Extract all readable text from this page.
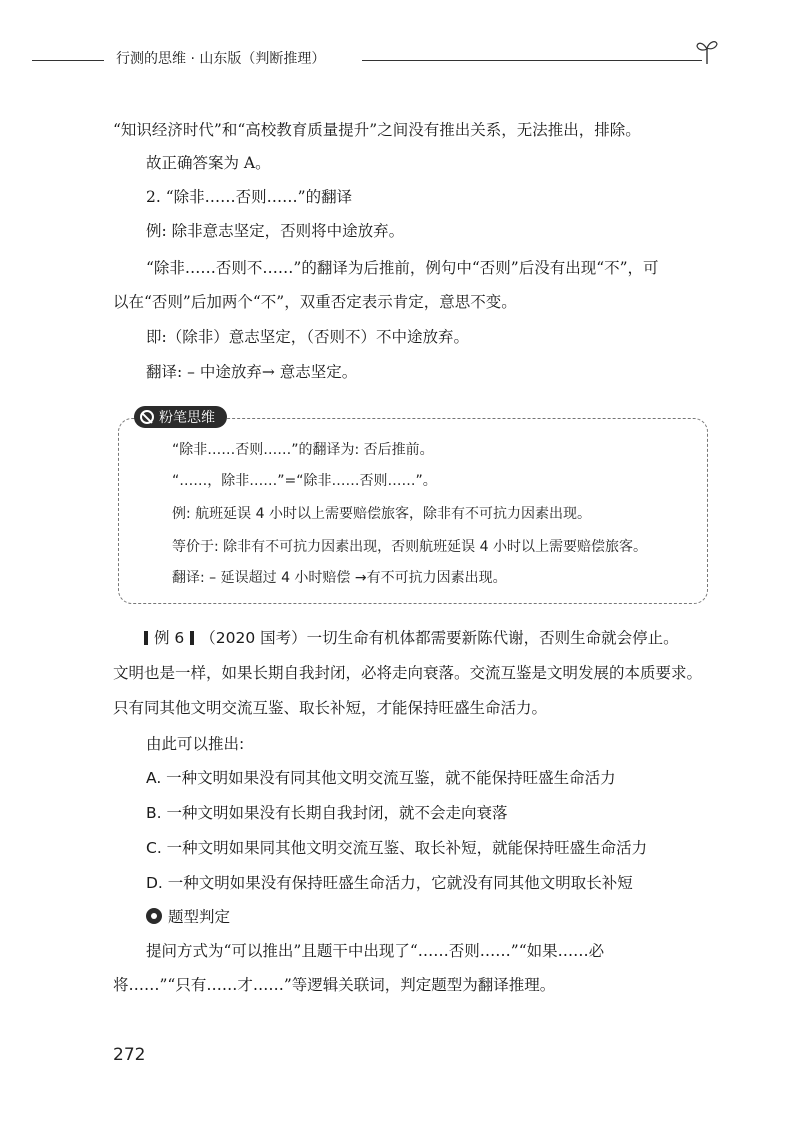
行测的思维 · 山东版（判断推理）
“知识经济时代”和“高校教育质量提升”之间没有推出关系，无法推出，排除。
故正确答案为 A。
2. “除非……否则……”的翻译
例: 除非意志坚定，否则将中途放弃。
“除非……否则不……”的翻译为后推前，例句中“否则”后没有出现“不”，可
以在“否则”后加两个“不”，双重否定表示肯定，意思不变。
即:（除非）意志坚定，（否则不）不中途放弃。
翻译: – 中途放弃→ 意志坚定。
粉笔思维
“除非……否则……”的翻译为: 否后推前。
“……，除非……”=“除非……否则……”。
例: 航班延误 4 小时以上需要赔偿旅客，除非有不可抗力因素出现。
等价于: 除非有不可抗力因素出现，否则航班延误 4 小时以上需要赔偿旅客。
翻译: – 延误超过 4 小时赔偿 →有不可抗力因素出现。
例 6 （2020 国考）一切生命有机体都需要新陈代谢，否则生命就会停止。
文明也是一样，如果长期自我封闭，必将走向衰落。交流互鉴是文明发展的本质要求。
只有同其他文明交流互鉴、取长补短，才能保持旺盛生命活力。
由此可以推出:
A. 一种文明如果没有同其他文明交流互鉴，就不能保持旺盛生命活力
B. 一种文明如果没有长期自我封闭，就不会走向衰落
C. 一种文明如果同其他文明交流互鉴、取长补短，就能保持旺盛生命活力
D. 一种文明如果没有保持旺盛生命活力，它就没有同其他文明取长补短
题型判定
提问方式为“可以推出”且题干中出现了“……否则……”“如果……必
将……”“只有……才……”等逻辑关联词，判定题型为翻译推理。
272
